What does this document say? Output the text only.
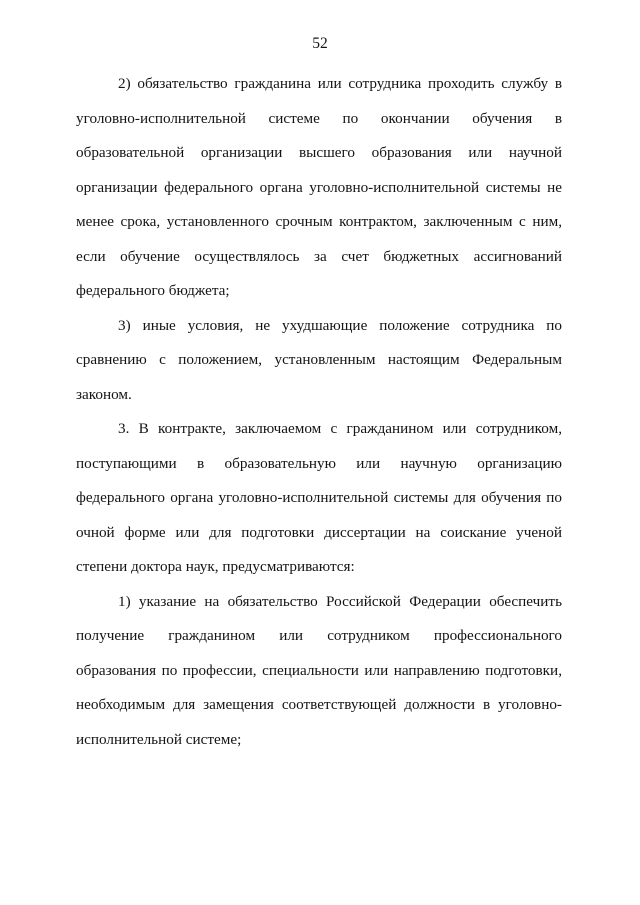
52

2) обязательство гражданина или сотрудника проходить службу в уголовно-исполнительной системе по окончании обучения в образовательной организации высшего образования или научной организации федерального органа уголовно-исполнительной системы не менее срока, установленного срочным контрактом, заключенным с ним, если обучение осуществлялось за счет бюджетных ассигнований федерального бюджета;

3) иные условия, не ухудшающие положение сотрудника по сравнению с положением, установленным настоящим Федеральным законом.

3. В контракте, заключаемом с гражданином или сотрудником, поступающими в образовательную или научную организацию федерального органа уголовно-исполнительной системы для обучения по очной форме или для подготовки диссертации на соискание ученой степени доктора наук, предусматриваются:

1) указание на обязательство Российской Федерации обеспечить получение гражданином или сотрудником профессионального образования по профессии, специальности или направлению подготовки, необходимым для замещения соответствующей должности в уголовно-исполнительной системе;
